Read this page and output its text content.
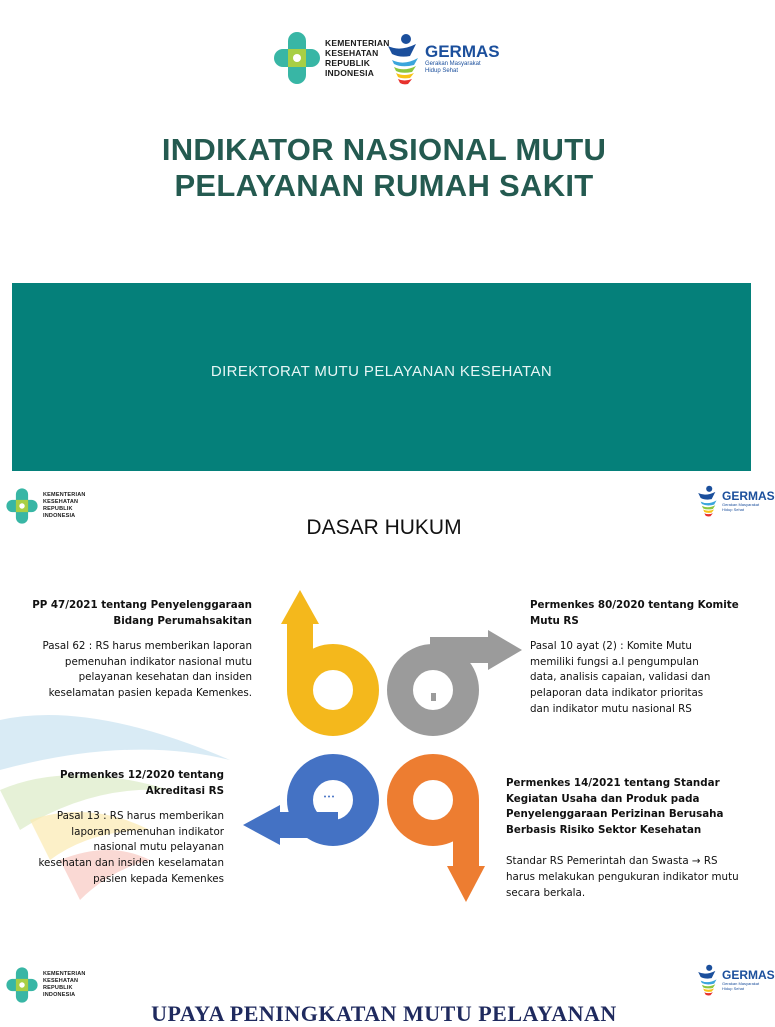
KEMENTERIAN
KESEHATAN
REPUBLIK
INDONESIA
GERMAS
Gerakan Masyarakat
Hidup Sehat
INDIKATOR NASIONAL MUTU
PELAYANAN RUMAH SAKIT
DIREKTORAT MUTU PELAYANAN KESEHATAN
KEMENTERIAN
KESEHATAN
REPUBLIK
INDONESIA
GERMAS
Gerakan Masyarakat
Hidup Sehat
DASAR HUKUM
PP 47/2021 tentang Penyelenggaraan
Bidang Perumahsakitan
Pasal 62 : RS harus memberikan laporan
pemenuhan indikator nasional mutu
pelayanan kesehatan dan insiden
keselamatan pasien kepada Kemenkes.
Permenkes 80/2020 tentang Komite
Mutu RS
Pasal 10 ayat (2) : Komite Mutu
memiliki fungsi a.l pengumpulan
data, analisis capaian, validasi dan
pelaporan data indikator prioritas
dan indikator mutu nasional RS
Permenkes 12/2020 tentang
Akreditasi RS
Pasal 13 : RS harus memberikan
laporan pemenuhan indikator
nasional mutu pelayanan
kesehatan dan insiden keselamatan
pasien kepada Kemenkes
Permenkes 14/2021 tentang Standar
Kegiatan Usaha dan Produk pada
Penyelenggaraan Perizinan Berusaha
Berbasis Risiko Sektor Kesehatan
Standar RS Pemerintah dan Swasta → RS
harus melakukan pengukuran indikator mutu
secara berkala.
KEMENTERIAN
KESEHATAN
REPUBLIK
INDONESIA
GERMAS
Gerakan Masyarakat
Hidup Sehat
UPAYA PENINGKATAN MUTU PELAYANAN
